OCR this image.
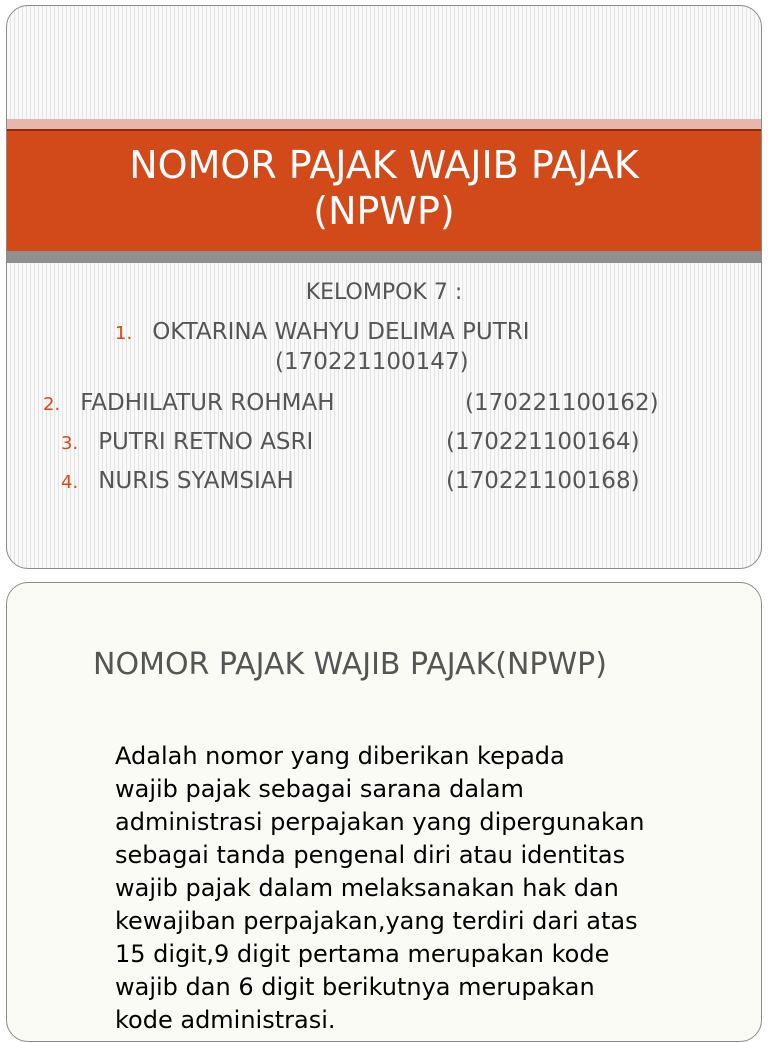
NOMOR PAJAK WAJIB PAJAK
(NPWP)

KELOMPOK 7 :

1. OKTARINA WAHYU DELIMA PUTRI
(170221100147)
2. FADHILATUR ROHMAH	(170221100162)
3. PUTRI RETNO ASRI	(170221100164)
4. NURIS SYAMSIAH	(170221100168)
NOMOR PAJAK WAJIB PAJAK(NPWP)

Adalah nomor yang diberikan kepada
wajib pajak sebagai sarana dalam
administrasi perpajakan yang dipergunakan
sebagai tanda pengenal diri atau identitas
wajib pajak dalam melaksanakan hak dan
kewajiban perpajakan,yang terdiri dari atas
15 digit,9 digit pertama merupakan kode
wajib dan 6 digit berikutnya merupakan
kode administrasi.
